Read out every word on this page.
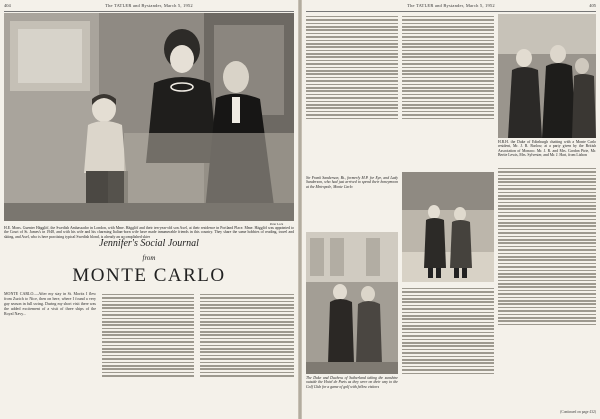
404	The TATLER and Bystander, March 5, 1952
Peter Lock
H.E. Mons. Guenter Hägglöf, the Swedish Ambassador in London, with Mme. Hägglöf and their ten-year-old son Axel, at their residence in Portland Place. Mme. Hägglöf was appointed to the Court of St. James's in 1948, and with his wife and his charming Italian-born wife have made innumerable friends in this country. They share the same hobbies of reading, travel and skiing, and Axel, who is here practising typical Swedish blond, is already an accomplished skier
Jennifer's Social Journal
from
MONTE CARLO
MONTE CARLO.—After my stay in St. Moritz I flew from Zurich to Nice, then on here, where I found a very gay season in full swing. During my short visit there was the added excitement of a visit of three ships of the Royal Navy...
The TATLER and Bystander, March 5, 1952	405
H.R.H. the Duke of Edinburgh chatting with a Monte Carlo resident, Mr. J. R. Barlow, at a party given by the British Association of Monaco. Mr. J. R. and Mrs. Gordon Pirie, Mr. Bertie Lewis, Mrs. Sylvester, and Mr. J. Hart, from Lisbon
Sir Frank Sanderson, Bt., formerly M.P. for Eye, and Lady Sanderson, who had just arrived to spend their honeymoon at the Metropole, Monte Carlo
The Duke and Duchess of Sutherland taking the sunshine outside the Hotel de Paris as they were on their way to the Golf Club for a game of golf with fellow visitors
(Continued on page 432)
